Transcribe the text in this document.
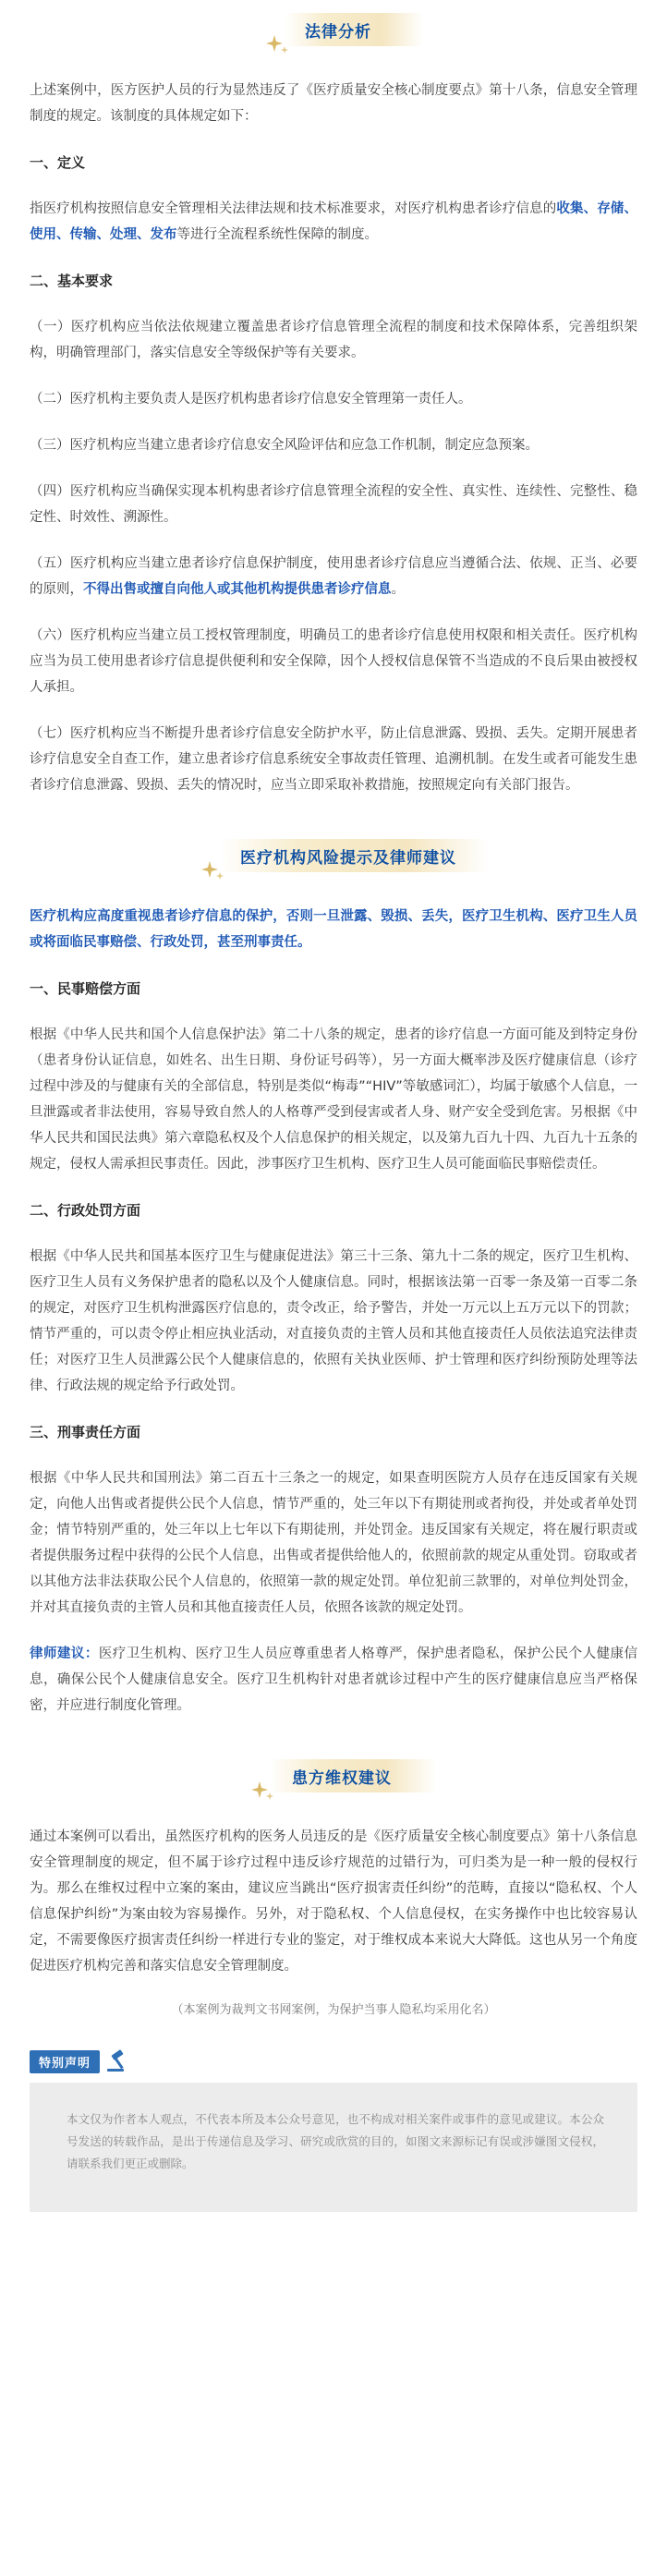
法律分析

上述案例中，医方医护人员的行为显然违反了《医疗质量安全核心制度要点》第十八条，信息安全管理制度的规定。该制度的具体规定如下：

一、定义

指医疗机构按照信息安全管理相关法律法规和技术标准要求，对医疗机构患者诊疗信息的收集、存储、使用、传输、处理、发布等进行全流程系统性保障的制度。

二、基本要求

（一）医疗机构应当依法依规建立覆盖患者诊疗信息管理全流程的制度和技术保障体系，完善组织架构，明确管理部门，落实信息安全等级保护等有关要求。

（二）医疗机构主要负责人是医疗机构患者诊疗信息安全管理第一责任人。

（三）医疗机构应当建立患者诊疗信息安全风险评估和应急工作机制，制定应急预案。

（四）医疗机构应当确保实现本机构患者诊疗信息管理全流程的安全性、真实性、连续性、完整性、稳定性、时效性、溯源性。

（五）医疗机构应当建立患者诊疗信息保护制度，使用患者诊疗信息应当遵循合法、依规、正当、必要的原则，不得出售或擅自向他人或其他机构提供患者诊疗信息。

（六）医疗机构应当建立员工授权管理制度，明确员工的患者诊疗信息使用权限和相关责任。医疗机构应当为员工使用患者诊疗信息提供便利和安全保障，因个人授权信息保管不当造成的不良后果由被授权人承担。

（七）医疗机构应当不断提升患者诊疗信息安全防护水平，防止信息泄露、毁损、丢失。定期开展患者诊疗信息安全自查工作，建立患者诊疗信息系统安全事故责任管理、追溯机制。在发生或者可能发生患者诊疗信息泄露、毁损、丢失的情况时，应当立即采取补救措施，按照规定向有关部门报告。

医疗机构风险提示及律师建议

医疗机构应高度重视患者诊疗信息的保护，否则一旦泄露、毁损、丢失，医疗卫生机构、医疗卫生人员或将面临民事赔偿、行政处罚，甚至刑事责任。

一、民事赔偿方面

根据《中华人民共和国个人信息保护法》第二十八条的规定，患者的诊疗信息一方面可能及到特定身份（患者身份认证信息，如姓名、出生日期、身份证号码等），另一方面大概率涉及医疗健康信息（诊疗过程中涉及的与健康有关的全部信息，特别是类似“梅毒”“HIV”等敏感词汇），均属于敏感个人信息，一旦泄露或者非法使用，容易导致自然人的人格尊严受到侵害或者人身、财产安全受到危害。另根据《中华人民共和国民法典》第六章隐私权及个人信息保护的相关规定，以及第九百九十四、九百九十五条的规定，侵权人需承担民事责任。因此，涉事医疗卫生机构、医疗卫生人员可能面临民事赔偿责任。

二、行政处罚方面

根据《中华人民共和国基本医疗卫生与健康促进法》第三十三条、第九十二条的规定，医疗卫生机构、医疗卫生人员有义务保护患者的隐私以及个人健康信息。同时，根据该法第一百零一条及第一百零二条的规定，对医疗卫生机构泄露医疗信息的，责令改正，给予警告，并处一万元以上五万元以下的罚款；情节严重的，可以责令停止相应执业活动，对直接负责的主管人员和其他直接责任人员依法追究法律责任；对医疗卫生人员泄露公民个人健康信息的，依照有关执业医师、护士管理和医疗纠纷预防处理等法律、行政法规的规定给予行政处罚。

三、刑事责任方面

根据《中华人民共和国刑法》第二百五十三条之一的规定，如果查明医院方人员存在违反国家有关规定，向他人出售或者提供公民个人信息，情节严重的，处三年以下有期徒刑或者拘役，并处或者单处罚金；情节特别严重的，处三年以上七年以下有期徒刑，并处罚金。违反国家有关规定，将在履行职责或者提供服务过程中获得的公民个人信息，出售或者提供给他人的，依照前款的规定从重处罚。窃取或者以其他方法非法获取公民个人信息的，依照第一款的规定处罚。单位犯前三款罪的，对单位判处罚金，并对其直接负责的主管人员和其他直接责任人员，依照各该款的规定处罚。

律师建议：医疗卫生机构、医疗卫生人员应尊重患者人格尊严，保护患者隐私，保护公民个人健康信息，确保公民个人健康信息安全。医疗卫生机构针对患者就诊过程中产生的医疗健康信息应当严格保密，并应进行制度化管理。

患方维权建议

通过本案例可以看出，虽然医疗机构的医务人员违反的是《医疗质量安全核心制度要点》第十八条信息安全管理制度的规定，但不属于诊疗过程中违反诊疗规范的过错行为，可归类为是一种一般的侵权行为。那么在维权过程中立案的案由，建议应当跳出“医疗损害责任纠纷”的范畴，直接以“隐私权、个人信息保护纠纷”为案由较为容易操作。另外，对于隐私权、个人信息侵权，在实务操作中也比较容易认定，不需要像医疗损害责任纠纷一样进行专业的鉴定，对于维权成本来说大大降低。这也从另一个角度促进医疗机构完善和落实信息安全管理制度。

（本案例为裁判文书网案例，为保护当事人隐私均采用化名）
特别声明

本文仅为作者本人观点，不代表本所及本公众号意见，也不构成对相关案件或事件的意见或建议。本公众号发送的转载作品，是出于传递信息及学习、研究或欣赏的目的，如图文来源标记有误或涉嫌图文侵权，请联系我们更正或删除。
